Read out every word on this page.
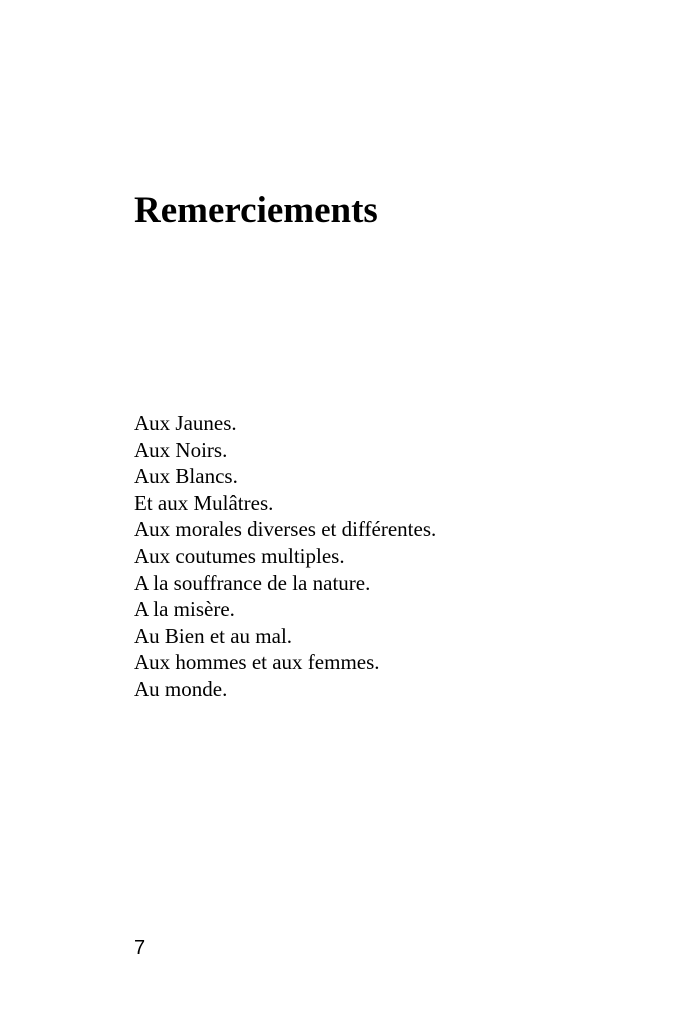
Remerciements
Aux Jaunes.
Aux Noirs.
Aux Blancs.
Et aux Mulâtres.
Aux morales diverses et différentes.
Aux coutumes multiples.
A la souffrance de la nature.
A la misère.
Au Bien et au mal.
Aux hommes et aux femmes.
Au monde.
7
